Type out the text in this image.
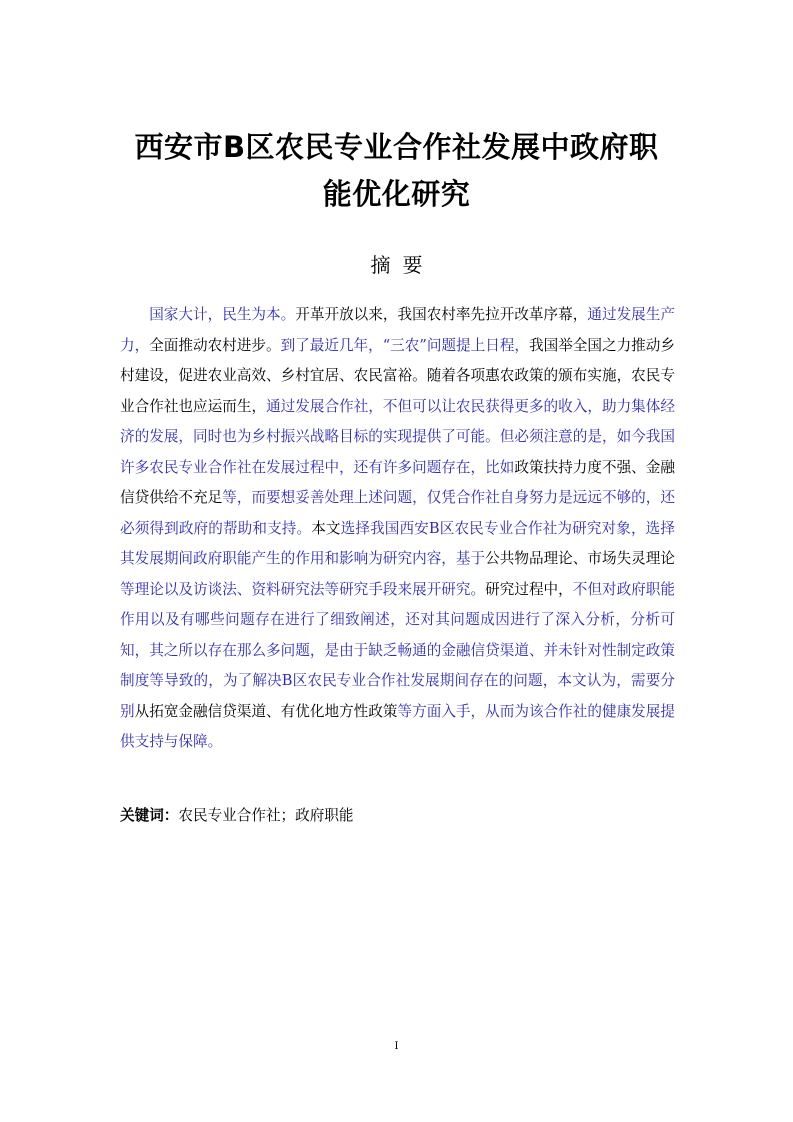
西安市B区农民专业合作社发展中政府职能优化研究
摘要
国家大计，民生为本。开革开放以来，我国农村率先拉开改革序幕，通过发展生产力，全面推动农村进步。到了最近几年，“三农”问题提上日程，我国举全国之力推动乡村建设，促进农业高效、乡村宜居、农民富裕。随着各项惠农政策的颁布实施，农民专业合作社也应运而生，通过发展合作社，不但可以让农民获得更多的收入，助力集体经济的发展，同时也为乡村振兴战略目标的实现提供了可能。但必须注意的是，如今我国许多农民专业合作社在发展过程中，还有许多问题存在，比如政策扶持力度不强、金融信贷供给不充足等，而要想妥善处理上述问题，仅凭合作社自身努力是远远不够的，还必须得到政府的帮助和支持。本文选择我国西安B区农民专业合作社为研究对象，选择其发展期间政府职能产生的作用和影响为研究内容，基于公共物品理论、市场失灵理论等理论以及访谈法、资料研究法等研究手段来展开研究。研究过程中，不但对政府职能作用以及有哪些问题存在进行了细致阐述，还对其问题成因进行了深入分析，分析可知，其之所以存在那么多问题，是由于缺乏畅通的金融信贷渠道、并未针对性制定政策制度等导致的，为了解决B区农民专业合作社发展期间存在的问题，本文认为，需要分别从拓宽金融信贷渠道、有优化地方性政策等方面入手，从而为该合作社的健康发展提供支持与保障。
关键词：农民专业合作社；政府职能
I
